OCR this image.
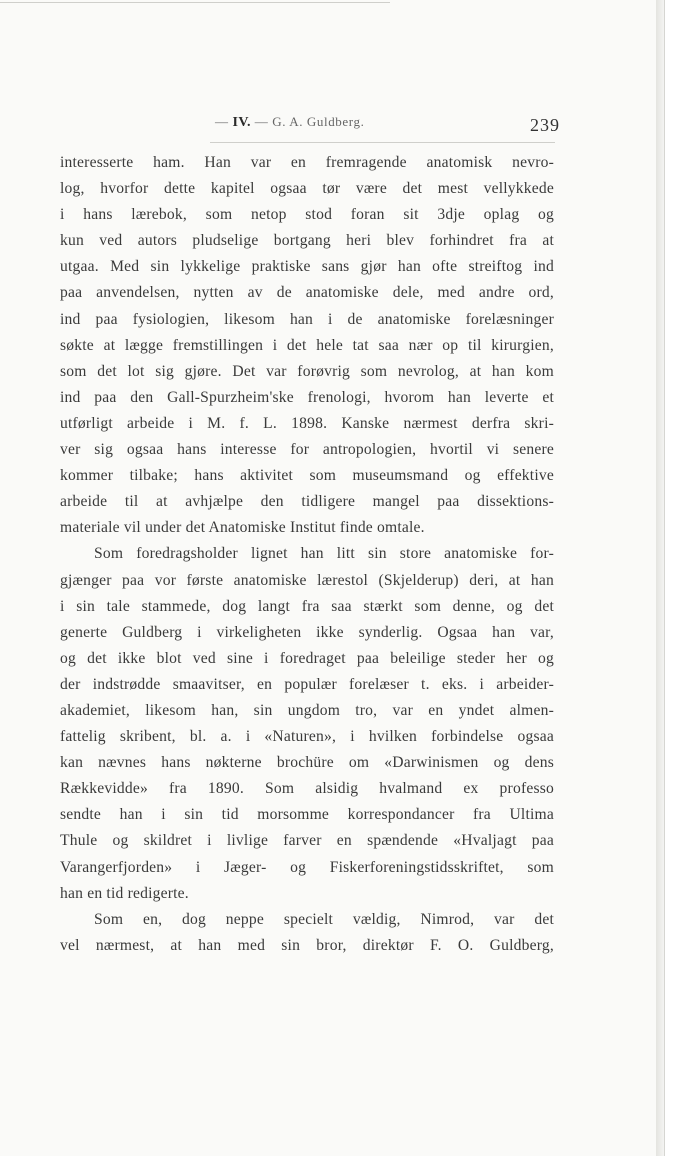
— IV. — G. A. Guldberg.	239
interesserte ham. Han var en fremragende anatomisk nevro-
log, hvorfor dette kapitel ogsaa tør være det mest vellykkede
i hans lærebok, som netop stod foran sit 3dje oplag og
kun ved autors pludselige bortgang heri blev forhindret fra at
utgaa. Med sin lykkelige praktiske sans gjør han ofte streiftog ind
paa anvendelsen, nytten av de anatomiske dele, med andre ord,
ind paa fysiologien, likesom han i de anatomiske forelæsninger
søkte at lægge fremstillingen i det hele tat saa nær op til kirurgien,
som det lot sig gjøre. Det var forøvrig som nevrolog, at han kom
ind paa den Gall-Spurzheim'ske frenologi, hvorom han leverte et
utførligt arbeide i M. f. L. 1898. Kanske nærmest derfra skri-
ver sig ogsaa hans interesse for antropologien, hvortil vi senere
kommer tilbake; hans aktivitet som museumsmand og effektive
arbeide til at avhjælpe den tidligere mangel paa dissektions-
materiale vil under det Anatomiske Institut finde omtale.
Som foredragsholder lignet han litt sin store anatomiske for-
gjænger paa vor første anatomiske lærestol (Skjelderup) deri, at han
i sin tale stammede, dog langt fra saa stærkt som denne, og det
generte Guldberg i virkeligheten ikke synderlig. Ogsaa han var,
og det ikke blot ved sine i foredraget paa beleilige steder her og
der indstrødde smaavitser, en populær forelæser t. eks. i arbeider-
akademiet, likesom han, sin ungdom tro, var en yndet almen-
fattelig skribent, bl. a. i «Naturen», i hvilken forbindelse ogsaa
kan nævnes hans nøkterne brochüre om «Darwinismen og dens
Rækkevidde» fra 1890. Som alsidig hvalmand ex professo
sendte han i sin tid morsomme korrespondancer fra Ultima
Thule og skildret i livlige farver en spændende «Hvaljagt paa
Varangerfjorden» i Jæger- og Fiskerforeningstidsskriftet, som
han en tid redigerte.
Som en, dog neppe specielt vældig, Nimrod, var det
vel nærmest, at han med sin bror, direktør F. O. Guldberg,
